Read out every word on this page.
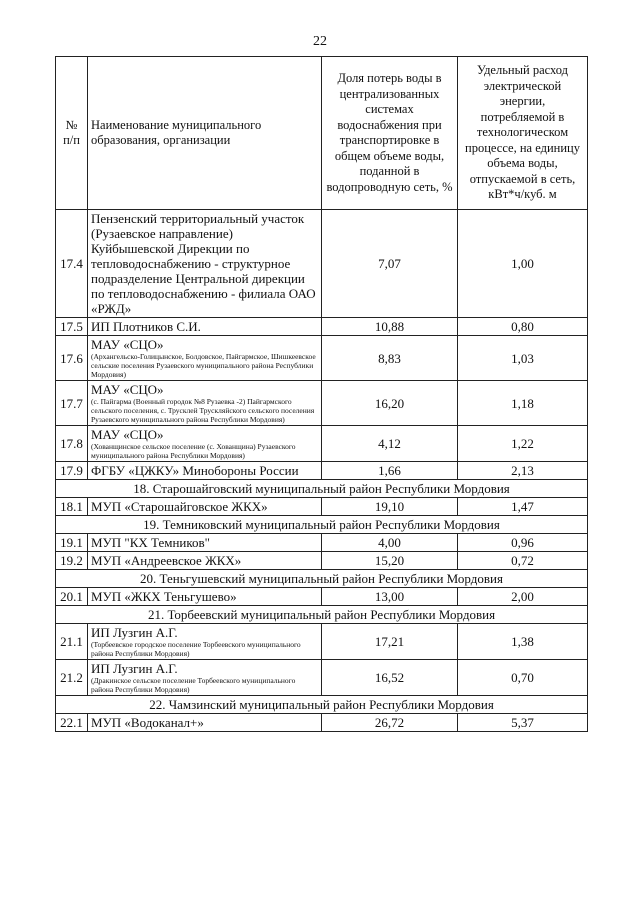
22
№ п/п	Наименование муниципального образования, организации	Доля потерь воды в централизованных системах водоснабжения при транспортировке в общем объеме воды, поданной в водопроводную сеть, %	Удельный расход электрической энергии, потребляемой в технологическом процессе, на единицу объема воды, отпускаемой в сеть, кВт*ч/куб. м
17.4	Пензенский территориальный участок (Рузаевское направление) Куйбышевской Дирекции по тепловодоснабжению - структурное подразделение Центральной дирекции по тепловодоснабжению - филиала ОАО «РЖД»	7,07	1,00
17.5	ИП Плотников С.И.	10,88	0,80
17.6	МАУ «СЦО»
(Архангельско-Голицынское, Болдовское, Пайгармское, Шишкеевское сельские поселения Рузаевского муниципального района Республики Мордовия)	8,83	1,03
17.7	МАУ «СЦО»
(с. Пайгарма (Военный городок №8 Рузаевка -2) Пайгармского сельского поселения, с. Трусклей Трускляйского сельского поселения Рузаевского муниципального района Республики Мордовия)	16,20	1,18
17.8	МАУ «СЦО»
(Хованщинское сельское поселение (с. Хованщина) Рузаевского муниципального района Республики Мордовия)	4,12	1,22
17.9	ФГБУ «ЦЖКУ» Минобороны России	1,66	2,13
18. Старошайговский муниципальный район Республики Мордовия			
18.1	МУП «Старошайговское ЖКХ»	19,10	1,47
19. Темниковский муниципальный район Республики Мордовия			
19.1	МУП "КХ Темников"	4,00	0,96
19.2	МУП «Андреевское ЖКХ»	15,20	0,72
20. Теньгушевский муниципальный район Республики Мордовия			
20.1	МУП «ЖКХ Теньгушево»	13,00	2,00
21. Торбеевский муниципальный район Республики Мордовия			
21.1	ИП Лузгин А.Г.
(Торбеевское городское поселение Торбеевского муниципального района Республики Мордовия)	17,21	1,38
21.2	ИП Лузгин А.Г.
(Дракинское сельское поселение Торбеевского муниципального района Республики Мордовия)	16,52	0,70
22. Чамзинский муниципальный район Республики Мордовия			
22.1	МУП «Водоканал+»	26,72	5,37
